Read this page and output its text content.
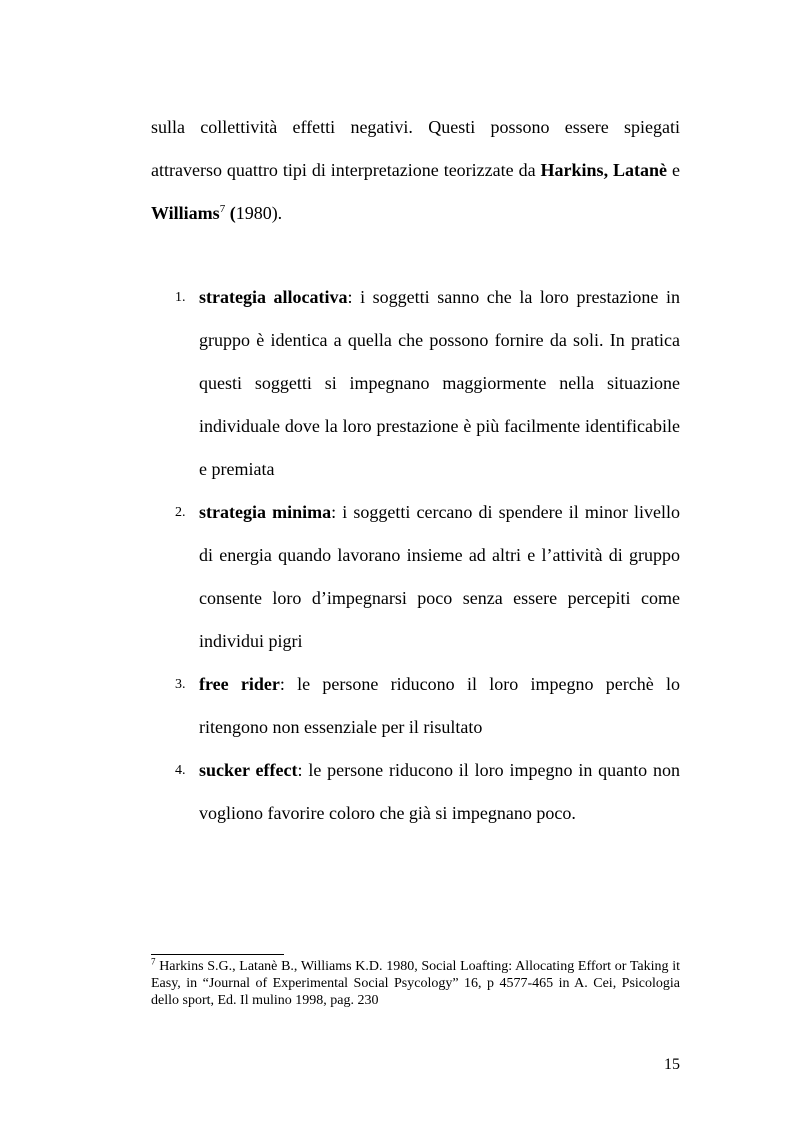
sulla collettività effetti negativi. Questi possono essere spiegati attraverso quattro tipi di interpretazione teorizzate da Harkins, Latanè e Williams$^7$ (1980).

1. strategia allocativa: i soggetti sanno che la loro prestazione in gruppo è identica a quella che possono fornire da soli. In pratica questi soggetti si impegnano maggiormente nella situazione individuale dove la loro prestazione è più facilmente identificabile e premiata
2. strategia minima: i soggetti cercano di spendere il minor livello di energia quando lavorano insieme ad altri e l’attività di gruppo consente loro d’impegnarsi poco senza essere percepiti come individui pigri
3. free rider: le persone riducono il loro impegno perchè lo ritengono non essenziale per il risultato
4. sucker effect: le persone riducono il loro impegno in quanto non vogliono favorire coloro che già si impegnano poco.

$^7$ Harkins S.G., Latanè B., Williams K.D. 1980, Social Loafting: Allocating Effort or Taking it Easy, in “Journal of Experimental Social Psycology” 16, p 4577-465 in A. Cei, Psicologia dello sport, Ed. Il mulino 1998, pag. 230

15
